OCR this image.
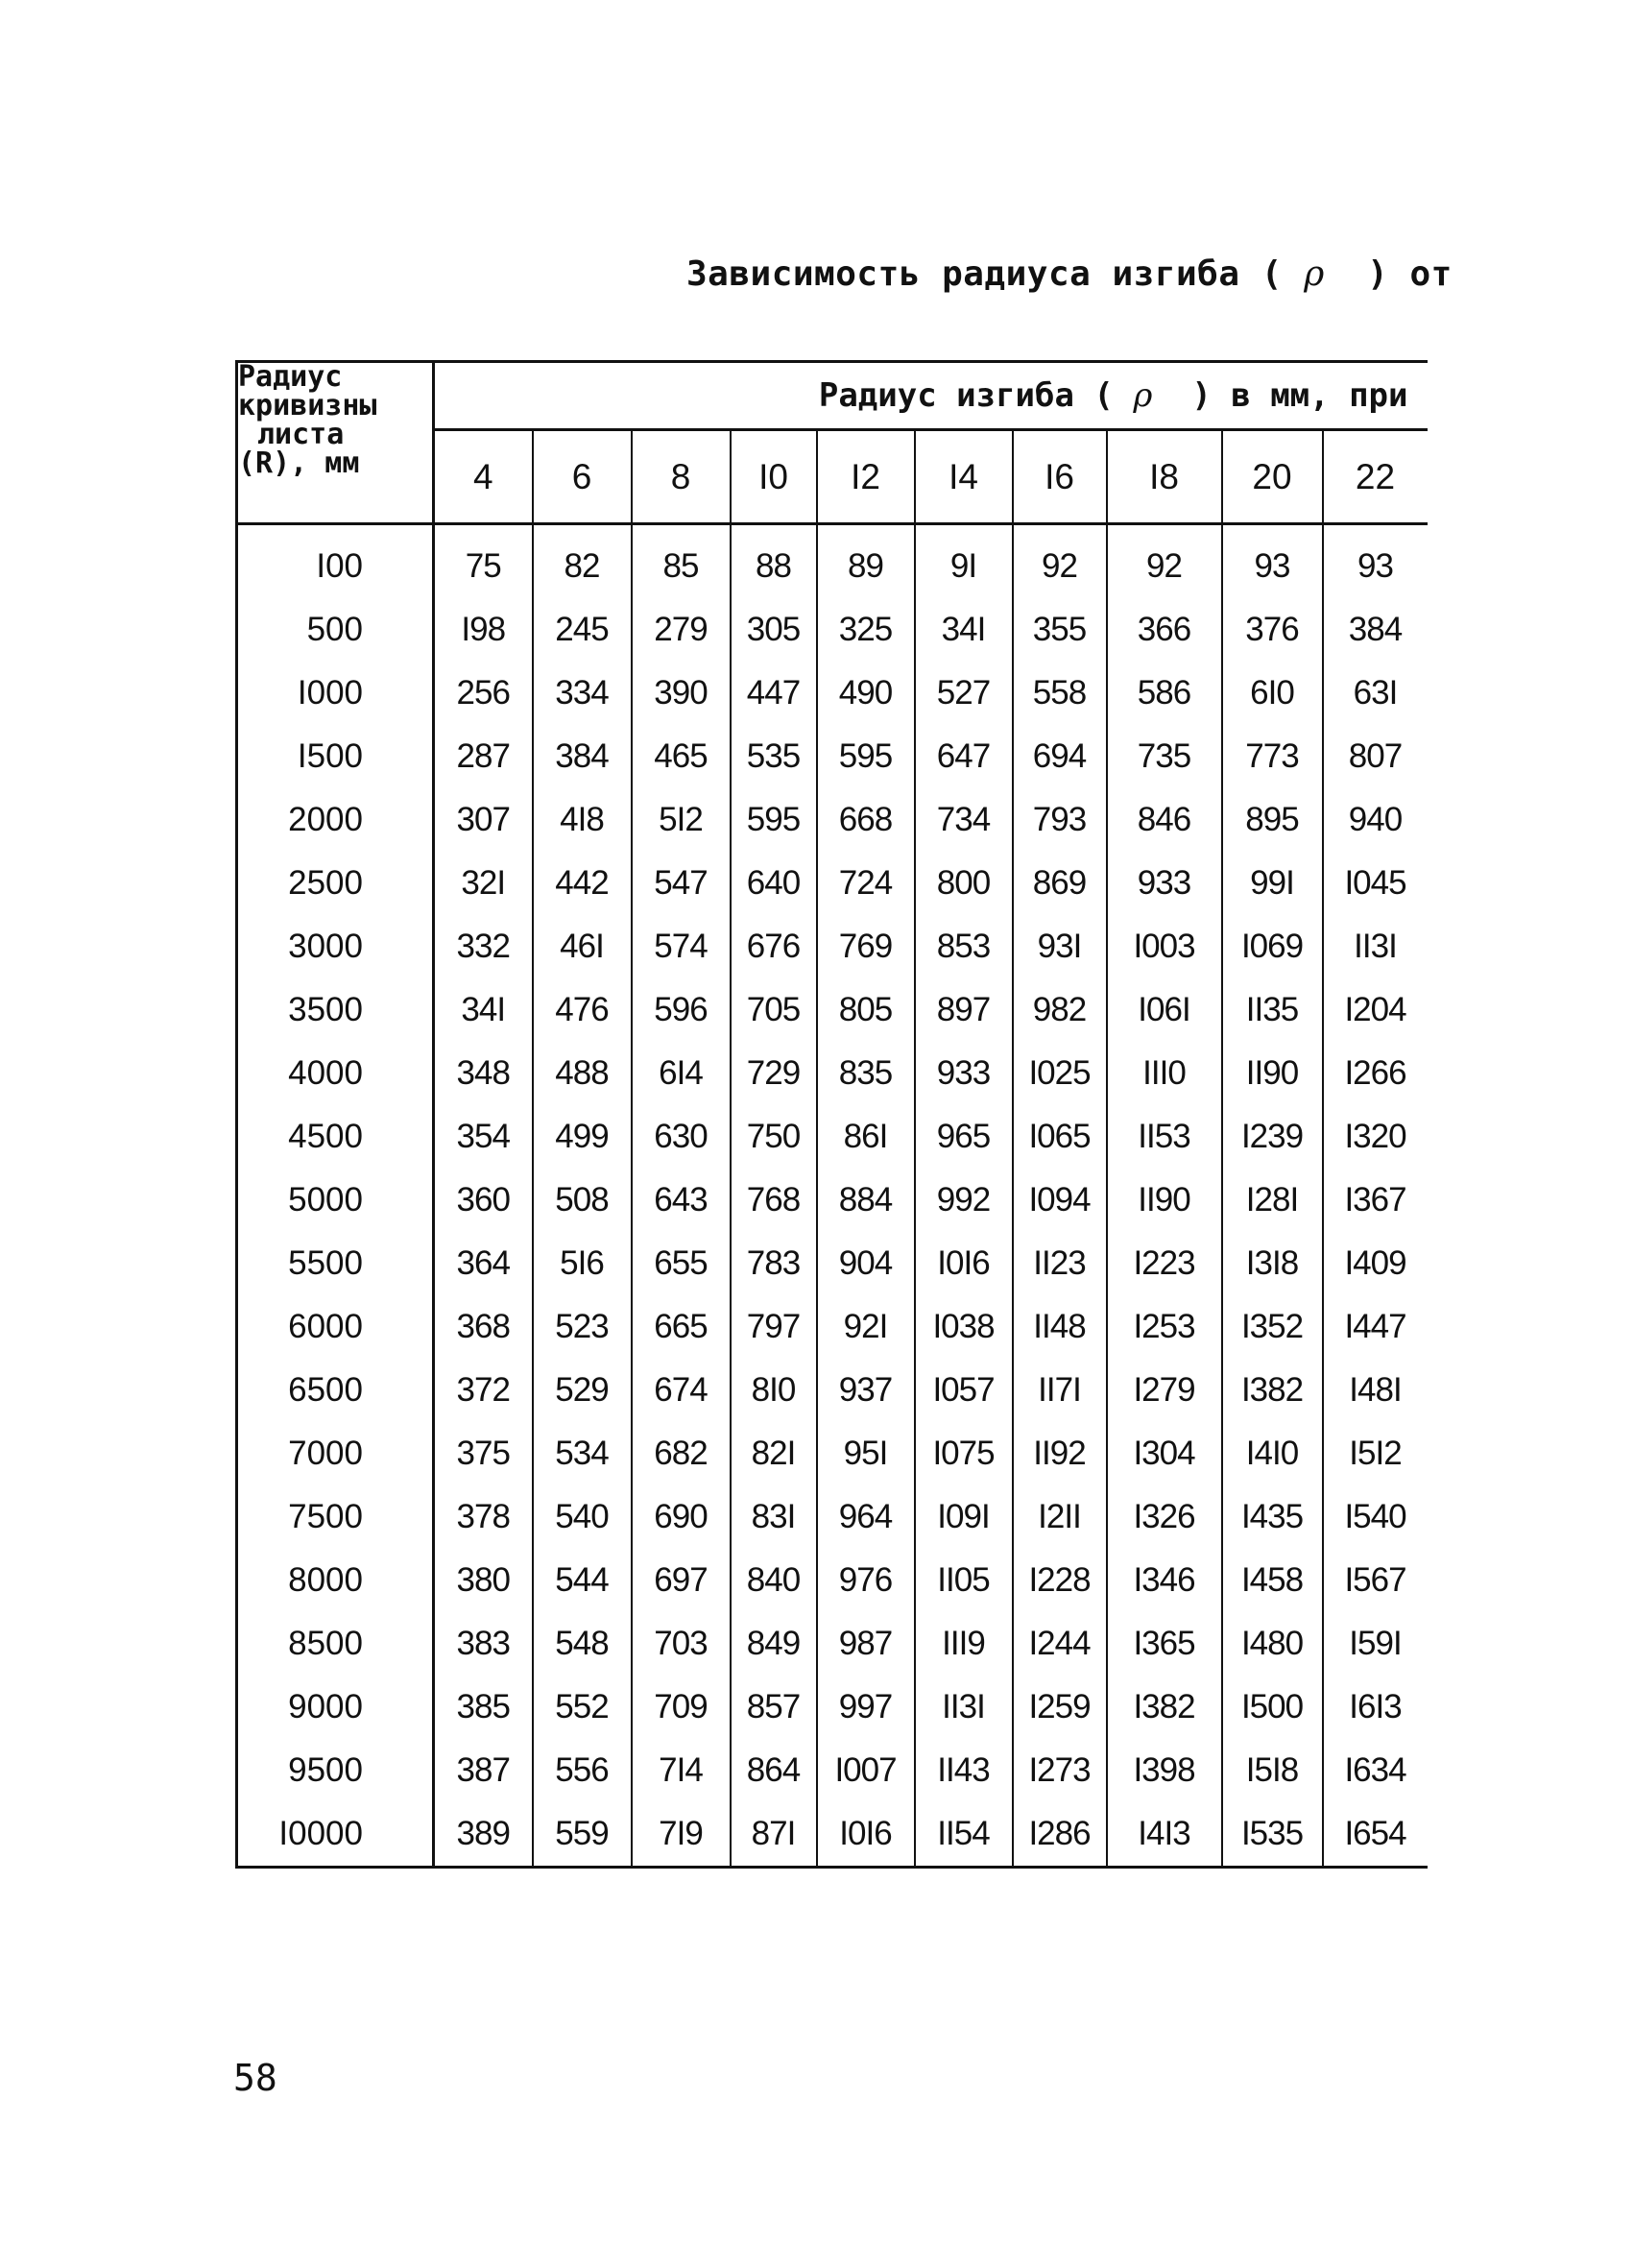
Зависимость радиуса изгиба ( ρ ) от
Радиус
кривизны
листа
(R), мм	Радиус изгиба ( ρ ) в мм, при									
	4	6	8	I0	I2	I4	I6	I8	20	22
I00	75	82	85	88	89	9I	92	92	93	93
500	I98	245	279	305	325	34I	355	366	376	384
I000	256	334	390	447	490	527	558	586	6I0	63I
I500	287	384	465	535	595	647	694	735	773	807
2000	307	4I8	5I2	595	668	734	793	846	895	940
2500	32I	442	547	640	724	800	869	933	99I	I045
3000	332	46I	574	676	769	853	93I	I003	I069	II3I
3500	34I	476	596	705	805	897	982	I06I	II35	I204
4000	348	488	6I4	729	835	933	I025	III0	II90	I266
4500	354	499	630	750	86I	965	I065	II53	I239	I320
5000	360	508	643	768	884	992	I094	II90	I28I	I367
5500	364	5I6	655	783	904	I0I6	II23	I223	I3I8	I409
6000	368	523	665	797	92I	I038	II48	I253	I352	I447
6500	372	529	674	8I0	937	I057	II7I	I279	I382	I48I
7000	375	534	682	82I	95I	I075	II92	I304	I4I0	I5I2
7500	378	540	690	83I	964	I09I	I2II	I326	I435	I540
8000	380	544	697	840	976	II05	I228	I346	I458	I567
8500	383	548	703	849	987	III9	I244	I365	I480	I59I
9000	385	552	709	857	997	II3I	I259	I382	I500	I6I3
9500	387	556	7I4	864	I007	II43	I273	I398	I5I8	I634
I0000	389	559	7I9	87I	I0I6	II54	I286	I4I3	I535	I654
58
